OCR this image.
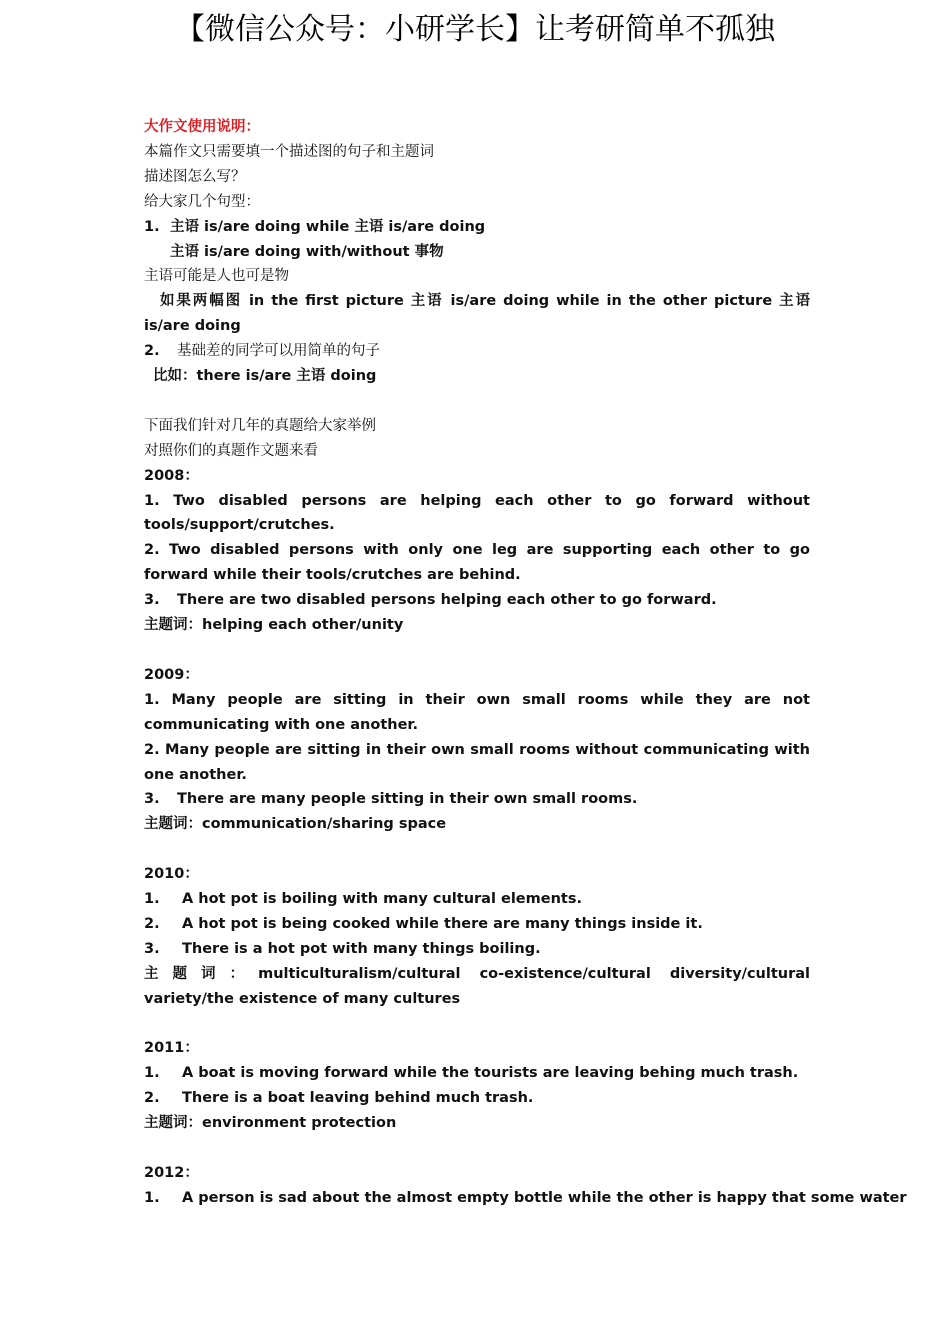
【微信公众号：小研学长】让考研简单不孤独

大作文使用说明：

本篇作文只需要填一个描述图的句子和主题词

描述图怎么写？

给大家几个句型：

1. 主语 is/are doing while 主语 is/are doing

主语 is/are doing with/without 事物

主语可能是人也可是物

如果两幅图 in the first picture 主语 is/are doing while in the other picture 主语 is/are doing

2. 基础差的同学可以用简单的句子

比如：there is/are 主语 doing

下面我们针对几年的真题给大家举例

对照你们的真题作文题来看

2008：

1. Two disabled persons are helping each other to go forward without tools/support/crutches.

2. Two disabled persons with only one leg are supporting each other to go forward while their tools/crutches are behind.

3. There are two disabled persons helping each other to go forward.

主题词：helping each other/unity

2009：

1. Many people are sitting in their own small rooms while they are not communicating with one another.

2. Many people are sitting in their own small rooms without communicating with one another.

3. There are many people sitting in their own small rooms.

主题词：communication/sharing space

2010：

1. A hot pot is boiling with many cultural elements.

2. A hot pot is being cooked while there are many things inside it.

3. There is a hot pot with many things boiling.

主题词：multiculturalism/cultural co-existence/cultural diversity/cultural variety/the existence of many cultures

2011：

1. A boat is moving forward while the tourists are leaving behing much trash.

2. There is a boat leaving behind much trash.

主题词：environment protection

2012：

1. A person is sad about the almost empty bottle while the other is happy that some water
